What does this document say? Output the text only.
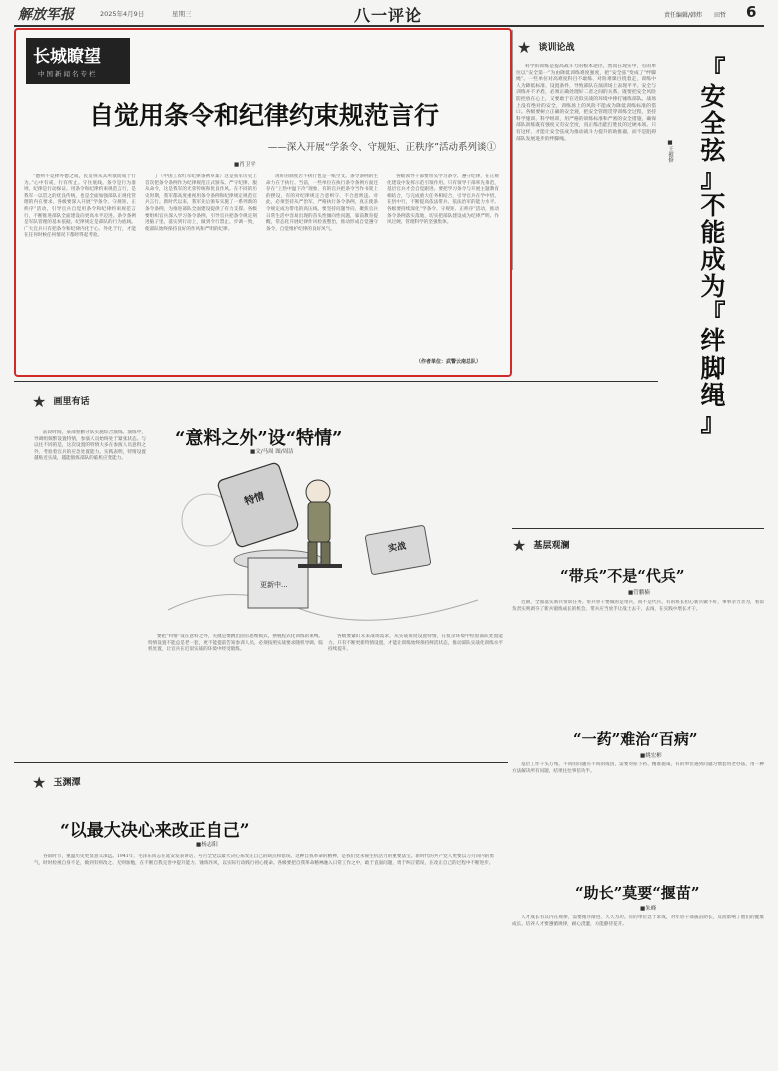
解放军报	2025年4月9日	星期三	八一评论	责任编辑/韩炜 田哲 6
长城瞭望
中国新闻名专栏
自觉用条令和纪律约束规范言行
——深入开展“学条令、守规矩、正秩序”活动系列谈①
■肖卫平

“德则不竞择外德之成，民贯则从其所欲而成于行为。”心中有戒，行有所止。守住底线。条令是行为准则，纪律是行动保证。用条令和纪律约束规范言行，是我军一以贯之的优良传统，也是全面加强部队正规化管理的内在要求。各级要深入开展“学条令、守规矩、正秩序”活动，引导官兵自觉用条令和纪律约束规范言行，不断推进部队全面建设向更高水平迈进。条令条例是军队管理的基本依据，纪律规定是部队的行为底线。广大官兵只有把条令和纪律内化于心、外化于行，才能在任何时候任何情况下都经得起考验。

了（中国工农红军纪律条例草案）这是我军历史上首次把条令条例作为纪律规范正式颁布。严守纪律、服从命令，这是我军的光荣传统和优良作风。在不同的历史时期，我军都高度重视用条令条例和纪律规定规范官兵言行。新时代以来，我军先后颁布实施了一系列新的条令条例，为推进部队全面建设提供了有力支撑。各级要组织官兵深入学习条令条例，引导官兵把条令规定刻进脑子里、落实到行动上，做到令行禁止、步调一致，使部队始终保持良好的作风和严明的纪律。

再好的制度若不执行也是一纸空文。条令条例的生命力在于执行。当前，一些单位在执行条令条例方面还存在“上热中温下冷”现象，有的官兵把条令当作书架上的摆设，有的对纪律规定合意则守、不合意则违。对此，必须坚持从严治军，严格执行条令条例，真正使条令规定成为带电的高压线。要坚持问题导向，聚焦官兵日常生活中容易出现的苗头性倾向性问题，靠前教育提醒，常态化开展纪律作风检查整治，推动形成自觉遵守条令、自觉维护纪律的良好风气。

各级领导干部要带头学习条令、遵守纪律，在正规化建设中发挥示范引领作用。只有领导干部率先垂范，基层官兵才会自觉跟进。要把学习条令与开展主题教育相结合，与完成重大任务相结合，引导官兵在学中悟、在悟中行，不断提高依法带兵、依法治军的能力水平。各级要持续深化“学条令、守规矩、正秩序”活动，推动条令条例落实落地，切实把部队建设成为纪律严明、作风过硬、管理科学的坚强集体。

（作者单位：武警云南总队）
★ 谈训论战

科学的训练是提高战斗力的根本途径。然而在现实中，有的单位以“安全第一”为由降低训练难度强度，把“安全弦”变成了“绊脚绳”。一些单位对高难度科目不敢练、对险难课目绕着走，训练中人为降低标准、设置条件，导致部队在演训场上表现平平。安全与训练并不矛盾，必须正确处理好二者之间的关系，既要把安全风险防控放在心上，又要敢于在近似实战的环境中摔打锤炼部队。战场上没有绝对的安全，训练场上的风险不能成为降低训练标准的借口。各级要树立正确的安全观，把安全管理贯穿训练全过程，坚持科学施训、科学组训，用严格的训练标准和严密的安全措施，确保部队训练既有强度又有安全度，真正练出能打胜仗的过硬本领。只有这样，才能让安全弦成为推动战斗力提升的助推器，而不是阻碍部队发展进步的绊脚绳。

『
安
全
弦
』
不
能
成
为
『
绊
脚
绳
』
■王被修
★ 画里有话
“意料之外”设“特情”
■文/马周 图/周洁

前段时间，某部警勤分队实施综合演练。演练中，导调组频繁设置特情，参演人员始终处于紧张状态。与以往不同的是，这次设置的特情大多在参演人员意料之外，考验着官兵的应急处置能力。实践表明，特情设置越贴近实战，越能锻炼部队的临机应变能力。

特情
实战
更新中...

要把“特情”设在意料之外，关键是要跳出固有思维模式，摆脱程式化训练的束缚。特情设置不能总是老一套，更不能提前告知参训人员，必须按照实战要求随机导调、临机处置，让官兵在近似实战的环境中经受锻炼。

各级要紧盯未来战场需求，从实战角度设置特情，在复杂环境中检验部队处置能力。只有不断更新特情设置，才能让训练始终保持鲜活状态，推动部队实战化训练水平持续提升。

★ 基层观澜
“带兵”不是“代兵”
■管鹏楠

近期，全面落实新兵带训任务。带兵骨干要做的是带兵，而不是代兵。有的班长担心新兵做不好，事事亲力亲为，看似负责实则剥夺了新兵锻炼成长的机会。带兵应当放手让战士去干、去闯，在实践中增长才干。

“一药”难治“百病”
■姚宏彬

基层工作千头万绪，不同的问题有不同的成因，需要对症下药、精准施策。有的单位遇到问题习惯套用老办法，用一种方法解决所有问题，结果往往事倍功半。

“助长”莫要“揠苗”
■朱峰

人才成长有其内在规律，需要循序渐进、久久为功。有的单位急于求成，对年轻干部拔苗助长，反而影响了他们的健康成长。培养人才要遵循规律，耐心浇灌，方能静待花开。

★ 玉渊潭
“以最大决心来改正自己”
■杨志阳

谷雨时节，重温历史更显意义深远。1941年，毛泽东同志在延安发表讲话，号召全党以最大决心来改正自己的缺点和错误。这种自我革命的精神，是我们党永葆生机活力的重要法宝。新时代的共产党人更要以刀刃向内的勇气，时时检视自身不足，做到有则改之、无则加勉，在不断自我完善中提升能力、锤炼作风，以实际行动践行初心使命。各级要把自我革命精神融入日常工作之中，敢于直面问题，勇于纠正错误，在改正自己的过程中不断进步。
